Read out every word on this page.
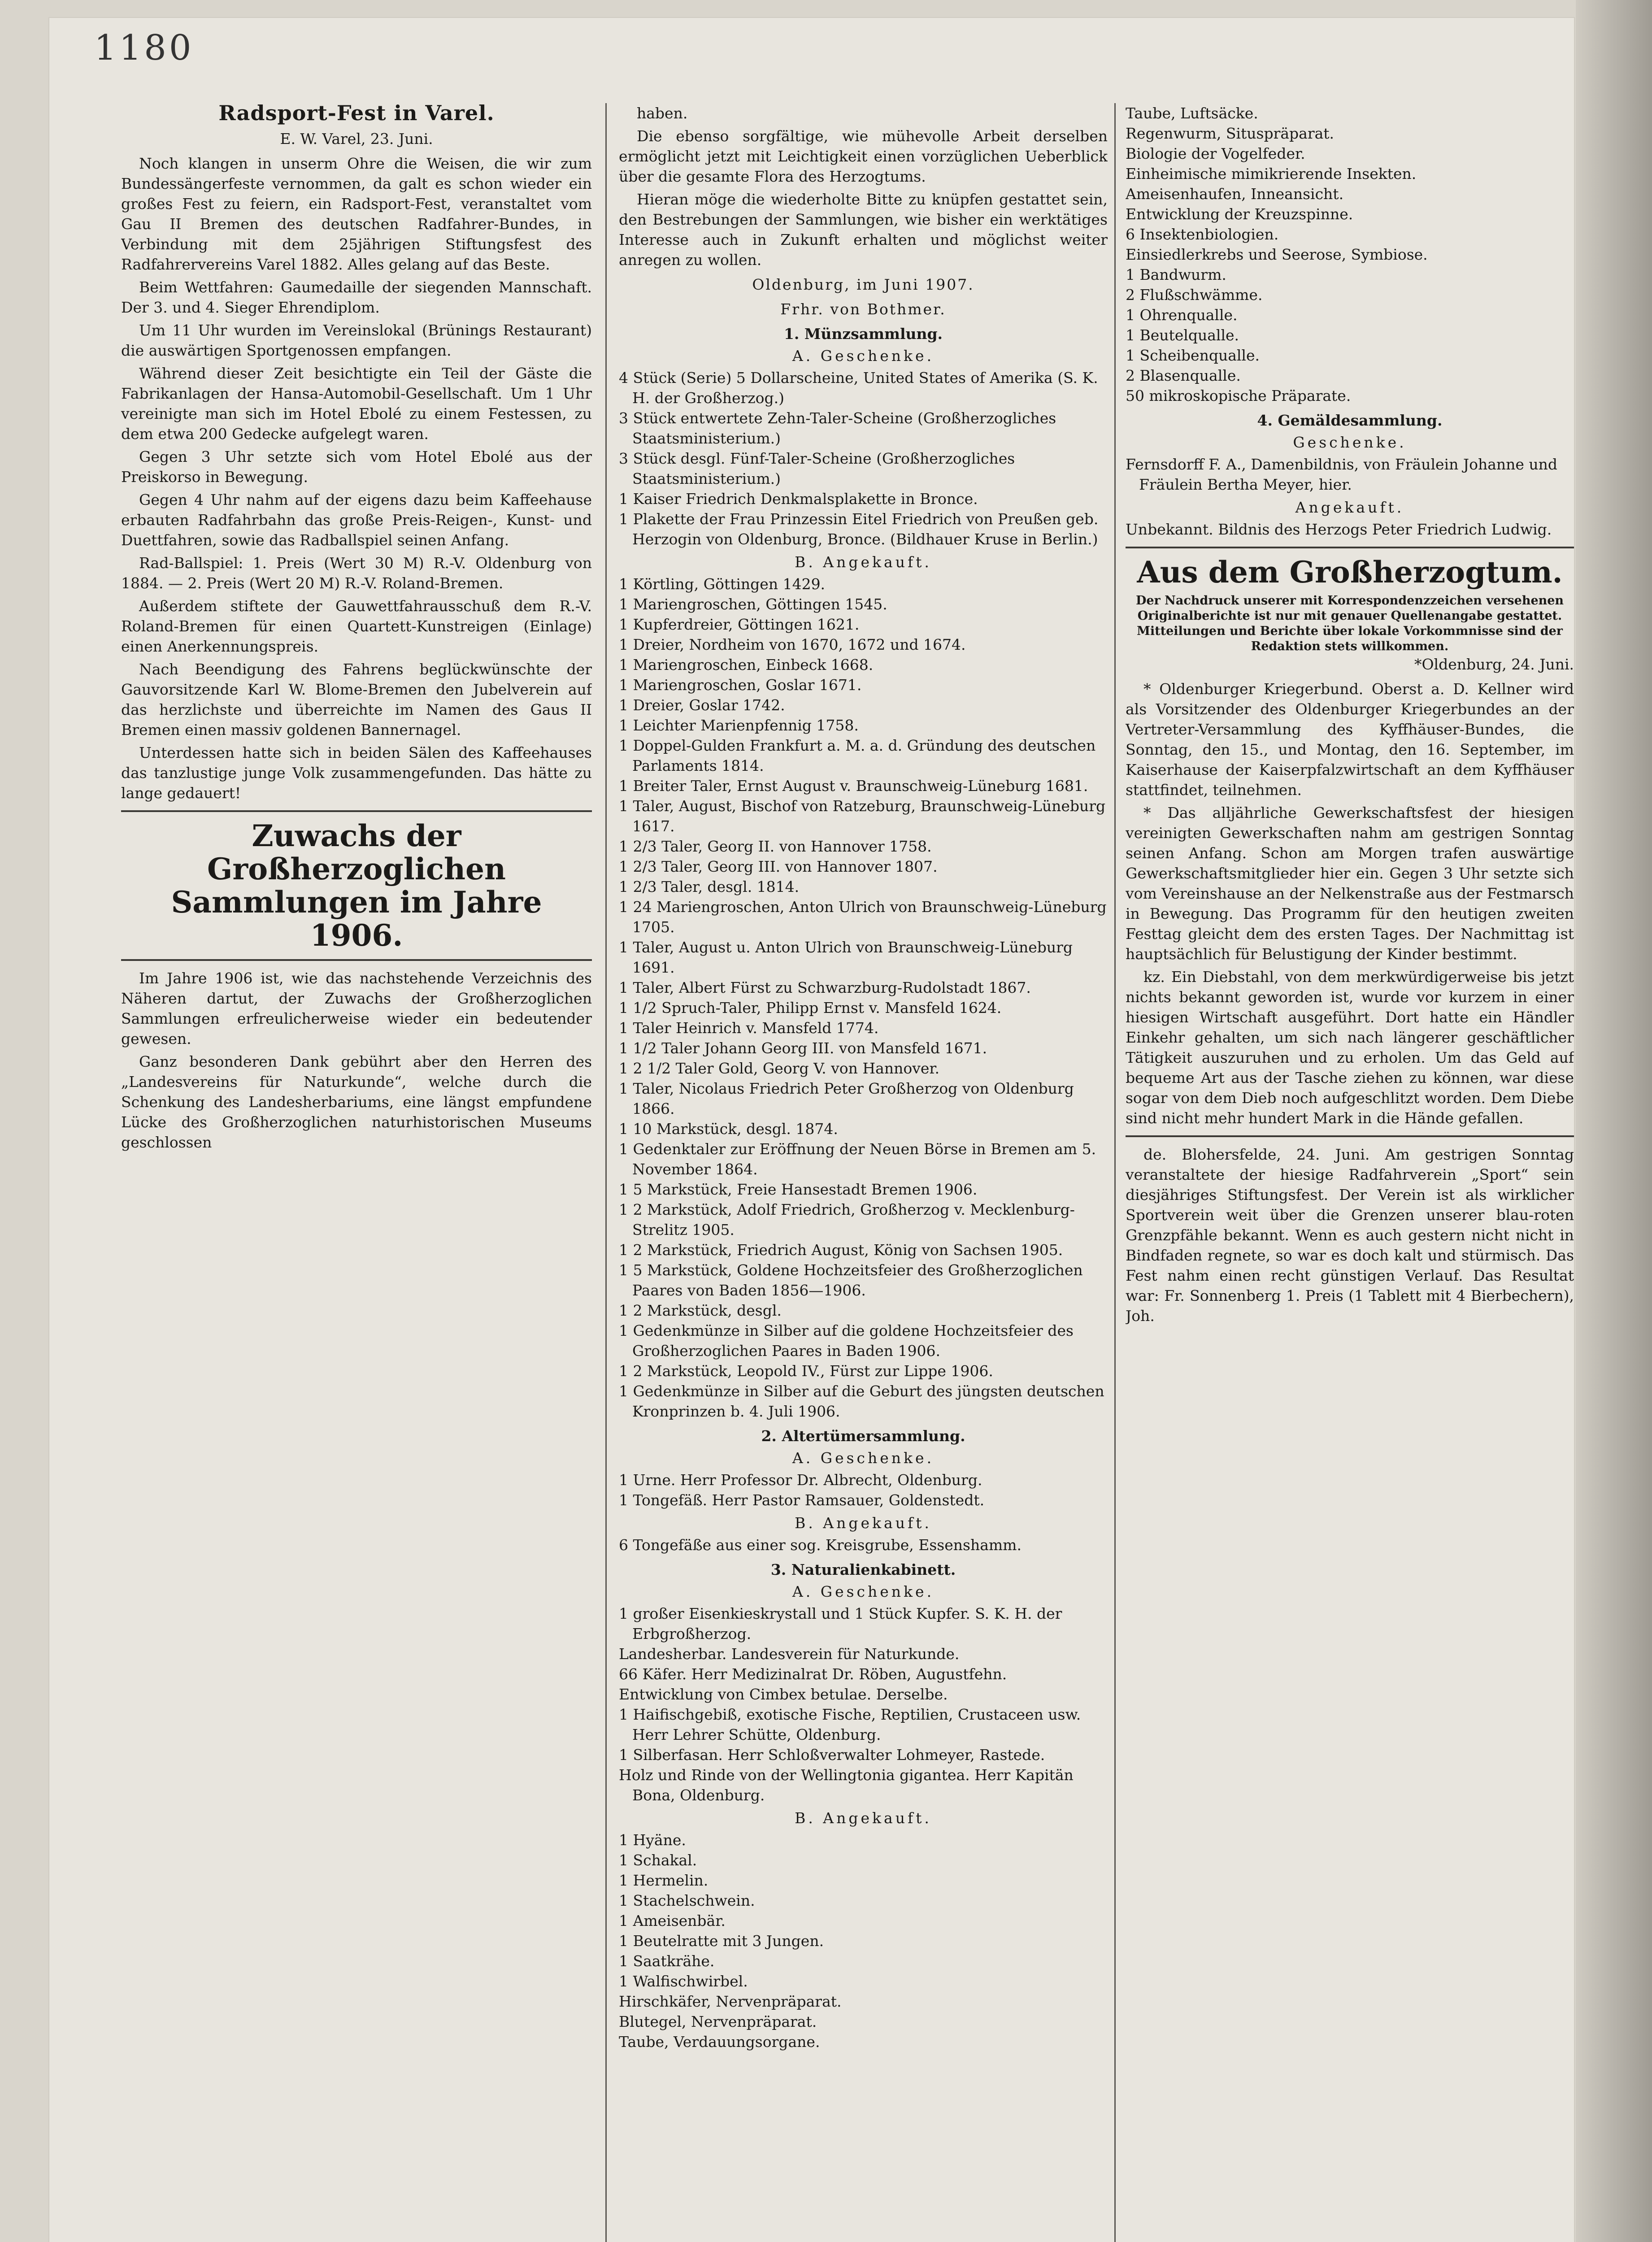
1180
Radsport-Fest in Varel.
E. W. Varel, 23. Juni.

Noch klangen in unserm Ohre die Weisen, die wir zum Bundessängerfeste vernommen, da galt es schon wieder ein großes Fest zu feiern, ein Radsport-Fest, veranstaltet vom Gau II Bremen des deutschen Radfahrer-Bundes, in Verbindung mit dem 25jährigen Stiftungsfest des Radfahrervereins Varel 1882. Alles gelang auf das Beste.

Beim Wettfahren: Gaumedaille der siegenden Mannschaft. Der 3. und 4. Sieger Ehrendiplom.

Um 11 Uhr wurden im Vereinslokal (Brünings Restaurant) die auswärtigen Sportgenossen empfangen.

Während dieser Zeit besichtigte ein Teil der Gäste die Fabrikanlagen der Hansa-Automobil-Gesellschaft. Um 1 Uhr vereinigte man sich im Hotel Ebolé zu einem Festessen, zu dem etwa 200 Gedecke aufgelegt waren.

Gegen 3 Uhr setzte sich vom Hotel Ebolé aus der Preiskorso in Bewegung.

Gegen 4 Uhr nahm auf der eigens dazu beim Kaffeehause erbauten Radfahrbahn das große Preis-Reigen-, Kunst- und Duettfahren, sowie das Radballspiel seinen Anfang.

Rad-Ballspiel: 1. Preis (Wert 30 M) R.-V. Oldenburg von 1884. — 2. Preis (Wert 20 M) R.-V. Roland-Bremen.

Außerdem stiftete der Gauwettfahrausschuß dem R.-V. Roland-Bremen für einen Quartett-Kunstreigen (Einlage) einen Anerkennungspreis.

Nach Beendigung des Fahrens beglückwünschte der Gauvorsitzende Karl W. Blome-Bremen den Jubelverein auf das herzlichste und überreichte im Namen des Gaus II Bremen einen massiv goldenen Bannernagel.

Unterdessen hatte sich in beiden Sälen des Kaffeehauses das tanzlustige junge Volk zusammengefunden. Das hätte zu lange gedauert!

Zuwachs der Großherzoglichen Sammlungen im Jahre 1906.

Im Jahre 1906 ist, wie das nachstehende Verzeichnis des Näheren dartut, der Zuwachs der Großherzoglichen Sammlungen erfreulicherweise wieder ein bedeutender gewesen.

Ganz besonderen Dank gebührt aber den Herren des „Landesvereins für Naturkunde“, welche durch die Schenkung des Landesherbariums, eine längst empfundene Lücke des Großherzoglichen naturhistorischen Museums geschlossen

haben.

Die ebenso sorgfältige, wie mühevolle Arbeit derselben ermöglicht jetzt mit Leichtigkeit einen vorzüglichen Ueberblick über die gesamte Flora des Herzogtums.

Hieran möge die wiederholte Bitte zu knüpfen gestattet sein, den Bestrebungen der Sammlungen, wie bisher ein werktätiges Interesse auch in Zukunft erhalten und möglichst weiter anregen zu wollen.

Oldenburg, im Juni 1907.
Frhr. von Bothmer.
1. Münzsammlung.
A. Geschenke.
4 Stück (Serie) 5 Dollarscheine, United States of Amerika (S. K. H. der Großherzog.)
3 Stück entwertete Zehn-Taler-Scheine (Großherzogliches Staatsministerium.)
3 Stück desgl. Fünf-Taler-Scheine (Großherzogliches Staatsministerium.)
1 Kaiser Friedrich Denkmalsplakette in Bronce.
1 Plakette der Frau Prinzessin Eitel Friedrich von Preußen geb. Herzogin von Oldenburg, Bronce. (Bildhauer Kruse in Berlin.)
B. Angekauft.
1 Körtling, Göttingen 1429.
1 Mariengroschen, Göttingen 1545.
1 Kupferdreier, Göttingen 1621.
1 Dreier, Nordheim von 1670, 1672 und 1674.
1 Mariengroschen, Einbeck 1668.
1 Mariengroschen, Goslar 1671.
1 Dreier, Goslar 1742.
1 Leichter Marienpfennig 1758.
1 Doppel-Gulden Frankfurt a. M. a. d. Gründung des deutschen Parlaments 1814.
1 Breiter Taler, Ernst August v. Braunschweig-Lüneburg 1681.
1 Taler, August, Bischof von Ratzeburg, Braunschweig-Lüneburg 1617.
1 2/3 Taler, Georg II. von Hannover 1758.
1 2/3 Taler, Georg III. von Hannover 1807.
1 2/3 Taler, desgl. 1814.
1 24 Mariengroschen, Anton Ulrich von Braunschweig-Lüneburg 1705.
1 Taler, August u. Anton Ulrich von Braunschweig-Lüneburg 1691.
1 Taler, Albert Fürst zu Schwarzburg-Rudolstadt 1867.
1 1/2 Spruch-Taler, Philipp Ernst v. Mansfeld 1624.
1 Taler Heinrich v. Mansfeld 1774.
1 1/2 Taler Johann Georg III. von Mansfeld 1671.
1 2 1/2 Taler Gold, Georg V. von Hannover.
1 Taler, Nicolaus Friedrich Peter Großherzog von Oldenburg 1866.
1 10 Markstück, desgl. 1874.
1 Gedenktaler zur Eröffnung der Neuen Börse in Bremen am 5. November 1864.
1 5 Markstück, Freie Hansestadt Bremen 1906.
1 2 Markstück, Adolf Friedrich, Großherzog v. Mecklenburg-Strelitz 1905.
1 2 Markstück, Friedrich August, König von Sachsen 1905.
1 5 Markstück, Goldene Hochzeitsfeier des Großherzoglichen Paares von Baden 1856—1906.
1 2 Markstück, desgl.
1 Gedenkmünze in Silber auf die goldene Hochzeitsfeier des Großherzoglichen Paares in Baden 1906.
1 2 Markstück, Leopold IV., Fürst zur Lippe 1906.
1 Gedenkmünze in Silber auf die Geburt des jüngsten deutschen Kronprinzen b. 4. Juli 1906.
2. Altertümersammlung.
A. Geschenke.
1 Urne. Herr Professor Dr. Albrecht, Oldenburg.
1 Tongefäß. Herr Pastor Ramsauer, Goldenstedt.
B. Angekauft.
6 Tongefäße aus einer sog. Kreisgrube, Essenshamm.
3. Naturalienkabinett.
A. Geschenke.
1 großer Eisenkieskrystall und 1 Stück Kupfer. S. K. H. der Erbgroßherzog.
Landesherbar. Landesverein für Naturkunde.
66 Käfer. Herr Medizinalrat Dr. Röben, Augustfehn.
Entwicklung von Cimbex betulae. Derselbe.
1 Haifischgebiß, exotische Fische, Reptilien, Crustaceen usw. Herr Lehrer Schütte, Oldenburg.
1 Silberfasan. Herr Schloßverwalter Lohmeyer, Rastede.
Holz und Rinde von der Wellingtonia gigantea. Herr Kapitän Bona, Oldenburg.
B. Angekauft.
1 Hyäne.
1 Schakal.
1 Hermelin.
1 Stachelschwein.
1 Ameisenbär.
1 Beutelratte mit 3 Jungen.
1 Saatkrähe.
1 Walfischwirbel.
Hirschkäfer, Nervenpräparat.
Blutegel, Nervenpräparat.
Taube, Verdauungsorgane.
Taube, Luftsäcke.
Regenwurm, Situspräparat.
Biologie der Vogelfeder.
Einheimische mimikrierende Insekten.
Ameisenhaufen, Inneansicht.
Entwicklung der Kreuzspinne.
6 Insektenbiologien.
Einsiedlerkrebs und Seerose, Symbiose.
1 Bandwurm.
2 Flußschwämme.
1 Ohrenqualle.
1 Beutelqualle.
1 Scheibenqualle.
2 Blasenqualle.
50 mikroskopische Präparate.
4. Gemäldesammlung.
Geschenke.
Fernsdorff F. A., Damenbildnis, von Fräulein Johanne und Fräulein Bertha Meyer, hier.
Angekauft.
Unbekannt. Bildnis des Herzogs Peter Friedrich Ludwig.
Aus dem Großherzogtum.
Der Nachdruck unserer mit Korrespondenzzeichen versehenen Originalberichte ist nur mit genauer Quellenangabe gestattet. Mitteilungen und Berichte über lokale Vorkommnisse sind der Redaktion stets willkommen.
*Oldenburg, 24. Juni.

* Oldenburger Kriegerbund. Oberst a. D. Kellner wird als Vorsitzender des Oldenburger Kriegerbundes an der Vertreter-Versammlung des Kyffhäuser-Bundes, die Sonntag, den 15., und Montag, den 16. September, im Kaiserhause der Kaiserpfalzwirtschaft an dem Kyffhäuser stattfindet, teilnehmen.

* Das alljährliche Gewerkschaftsfest der hiesigen vereinigten Gewerkschaften nahm am gestrigen Sonntag seinen Anfang. Schon am Morgen trafen auswärtige Gewerkschaftsmitglieder hier ein. Gegen 3 Uhr setzte sich vom Vereinshause an der Nelkenstraße aus der Festmarsch in Bewegung. Das Programm für den heutigen zweiten Festtag gleicht dem des ersten Tages. Der Nachmittag ist hauptsächlich für Belustigung der Kinder bestimmt.

kz. Ein Diebstahl, von dem merkwürdigerweise bis jetzt nichts bekannt geworden ist, wurde vor kurzem in einer hiesigen Wirtschaft ausgeführt. Dort hatte ein Händler Einkehr gehalten, um sich nach längerer geschäftlicher Tätigkeit auszuruhen und zu erholen. Um das Geld auf bequeme Art aus der Tasche ziehen zu können, war diese sogar von dem Dieb noch aufgeschlitzt worden. Dem Diebe sind nicht mehr hundert Mark in die Hände gefallen.

de. Blohersfelde, 24. Juni. Am gestrigen Sonntag veranstaltete der hiesige Radfahrverein „Sport“ sein diesjähriges Stiftungsfest. Der Verein ist als wirklicher Sportverein weit über die Grenzen unserer blau-roten Grenzpfähle bekannt. Wenn es auch gestern nicht nicht in Bindfaden regnete, so war es doch kalt und stürmisch. Das Fest nahm einen recht günstigen Verlauf. Das Resultat war: Fr. Sonnenberg 1. Preis (1 Tablett mit 4 Bierbechern), Joh.
